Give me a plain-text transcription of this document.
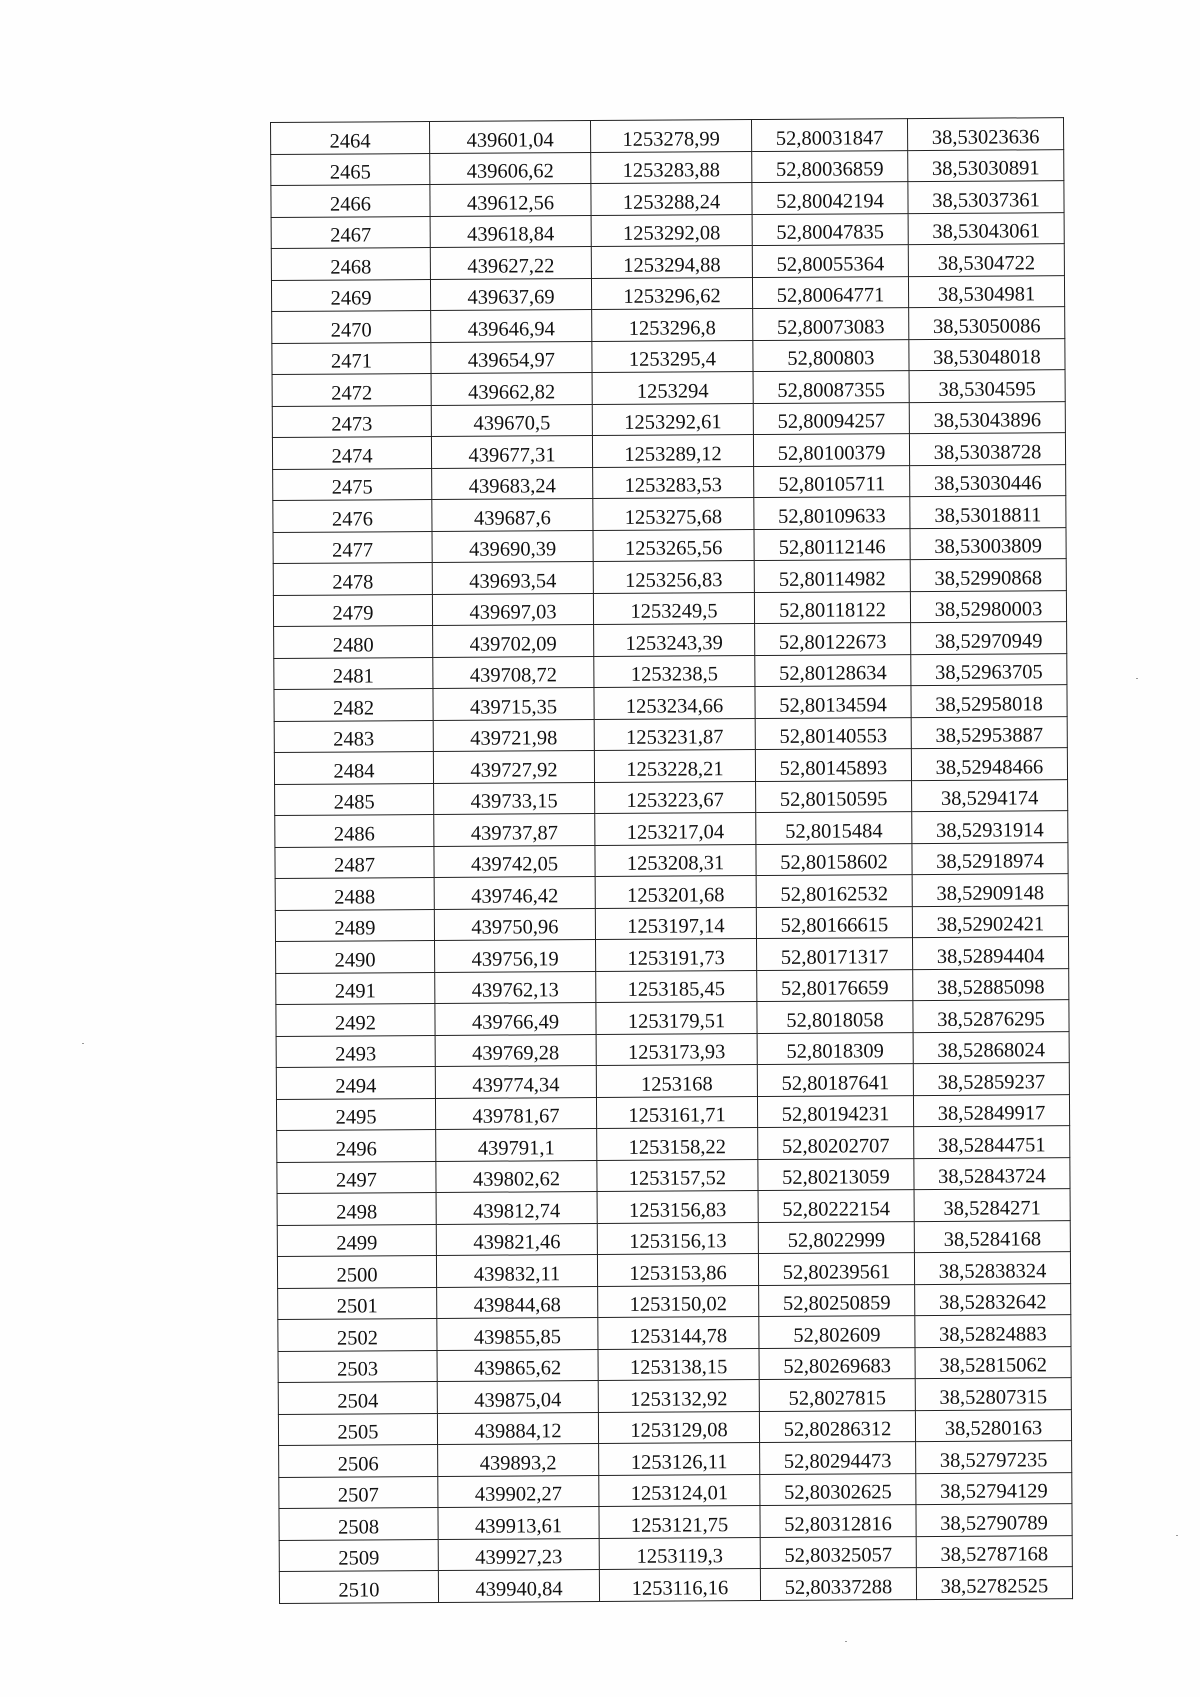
2464	439601,04	1253278,99	52,80031847	38,53023636
2465	439606,62	1253283,88	52,80036859	38,53030891
2466	439612,56	1253288,24	52,80042194	38,53037361
2467	439618,84	1253292,08	52,80047835	38,53043061
2468	439627,22	1253294,88	52,80055364	38,5304722
2469	439637,69	1253296,62	52,80064771	38,5304981
2470	439646,94	1253296,8	52,80073083	38,53050086
2471	439654,97	1253295,4	52,800803	38,53048018
2472	439662,82	1253294	52,80087355	38,5304595
2473	439670,5	1253292,61	52,80094257	38,53043896
2474	439677,31	1253289,12	52,80100379	38,53038728
2475	439683,24	1253283,53	52,80105711	38,53030446
2476	439687,6	1253275,68	52,80109633	38,53018811
2477	439690,39	1253265,56	52,80112146	38,53003809
2478	439693,54	1253256,83	52,80114982	38,52990868
2479	439697,03	1253249,5	52,80118122	38,52980003
2480	439702,09	1253243,39	52,80122673	38,52970949
2481	439708,72	1253238,5	52,80128634	38,52963705
2482	439715,35	1253234,66	52,80134594	38,52958018
2483	439721,98	1253231,87	52,80140553	38,52953887
2484	439727,92	1253228,21	52,80145893	38,52948466
2485	439733,15	1253223,67	52,80150595	38,5294174
2486	439737,87	1253217,04	52,8015484	38,52931914
2487	439742,05	1253208,31	52,80158602	38,52918974
2488	439746,42	1253201,68	52,80162532	38,52909148
2489	439750,96	1253197,14	52,80166615	38,52902421
2490	439756,19	1253191,73	52,80171317	38,52894404
2491	439762,13	1253185,45	52,80176659	38,52885098
2492	439766,49	1253179,51	52,8018058	38,52876295
2493	439769,28	1253173,93	52,8018309	38,52868024
2494	439774,34	1253168	52,80187641	38,52859237
2495	439781,67	1253161,71	52,80194231	38,52849917
2496	439791,1	1253158,22	52,80202707	38,52844751
2497	439802,62	1253157,52	52,80213059	38,52843724
2498	439812,74	1253156,83	52,80222154	38,5284271
2499	439821,46	1253156,13	52,8022999	38,5284168
2500	439832,11	1253153,86	52,80239561	38,52838324
2501	439844,68	1253150,02	52,80250859	38,52832642
2502	439855,85	1253144,78	52,802609	38,52824883
2503	439865,62	1253138,15	52,80269683	38,52815062
2504	439875,04	1253132,92	52,8027815	38,52807315
2505	439884,12	1253129,08	52,80286312	38,5280163
2506	439893,2	1253126,11	52,80294473	38,52797235
2507	439902,27	1253124,01	52,80302625	38,52794129
2508	439913,61	1253121,75	52,80312816	38,52790789
2509	439927,23	1253119,3	52,80325057	38,52787168
2510	439940,84	1253116,16	52,80337288	38,52782525
